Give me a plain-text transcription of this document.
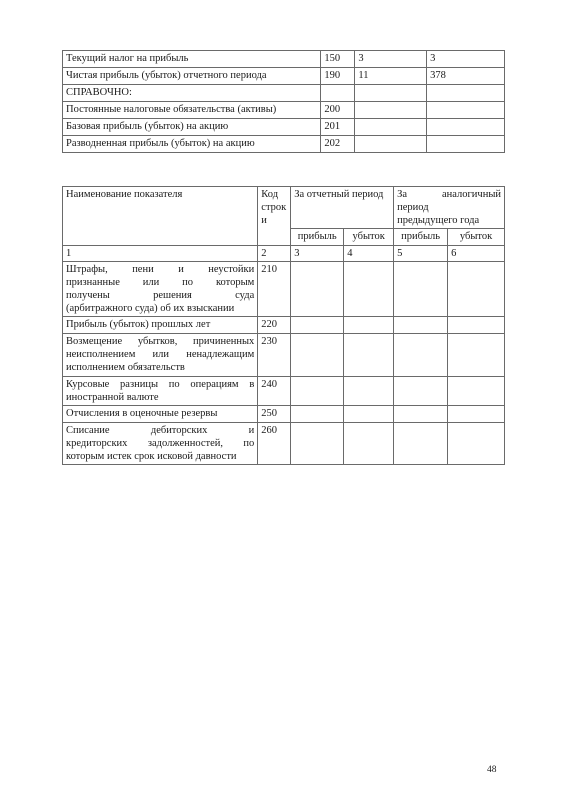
Текущий налог на прибыль	150	3	3
Чистая прибыль (убыток) отчетного периода	190	11	378
СПРАВОЧНО:			
Постоянные налоговые обязательства (активы)	200		
Базовая прибыль (убыток) на акцию	201		
Разводненная прибыль (убыток) на акцию	202		
Наименование показателя	Код
строк
и	За отчетный период		За аналогичный
период
предыдущего года	

		прибыль	убыток	прибыль	убыток
1	2	3	4	5	6

Штрафы, пени и неустойки
признанные или по которым
получены решения суда
(арбитражного суда) об их взыскании	210				

Прибыль (убыток) прошлых лет	220				

Возмещение убытков, причиненных
неисполнением или ненадлежащим
исполнением обязательств	230				

Курсовые разницы по операциям в
иностранной валюте	240				

Отчисления в оценочные резервы	250				

Списание дебиторских и
кредиторских задолженностей, по
которым истек срок исковой давности	260				
48
